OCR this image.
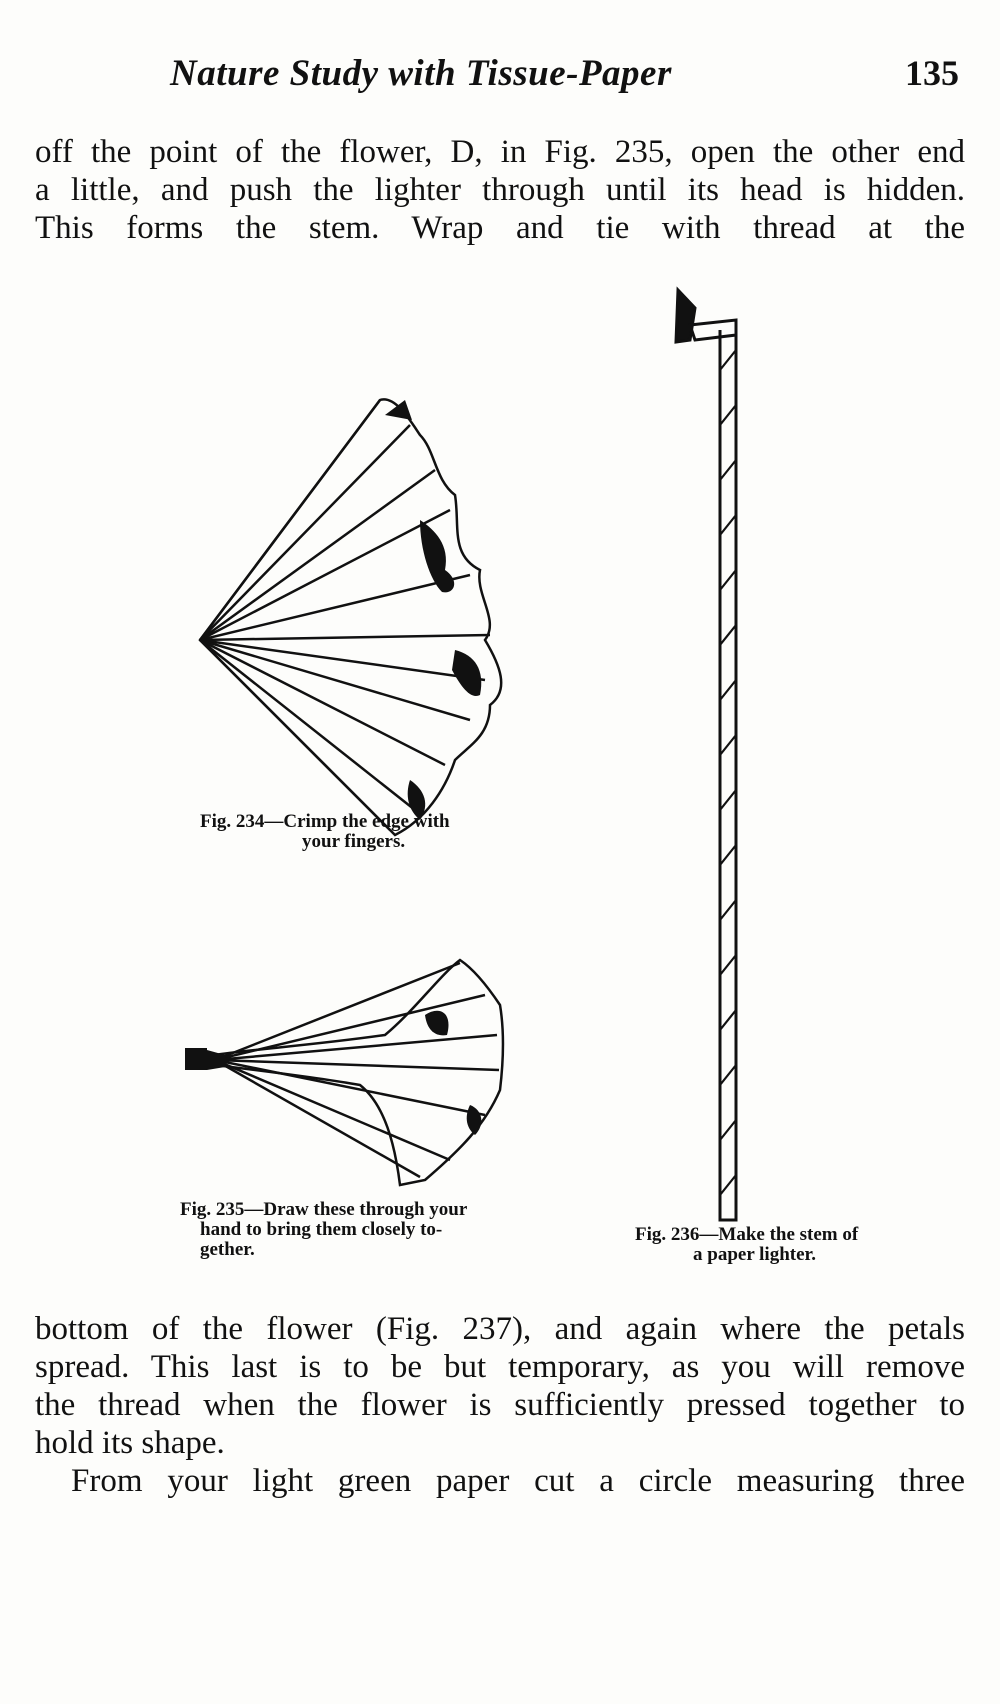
Nature Study with Tissue-Paper	135
off the point of the flower, D, in Fig. 235, open the other end
a little, and push the lighter through until its head is hidden.
This forms the stem. Wrap and tie with thread at the
Fig. 234—Crimp the edge with
your fingers.
Fig. 235—Draw these through your
hand to bring them closely to-
gether.
Fig. 236—Make the stem of
a paper lighter.
bottom of the flower (Fig. 237), and again where the petals
spread. This last is to be but temporary, as you will remove
the thread when the flower is sufficiently pressed together to
hold its shape.
From your light green paper cut a circle measuring three
